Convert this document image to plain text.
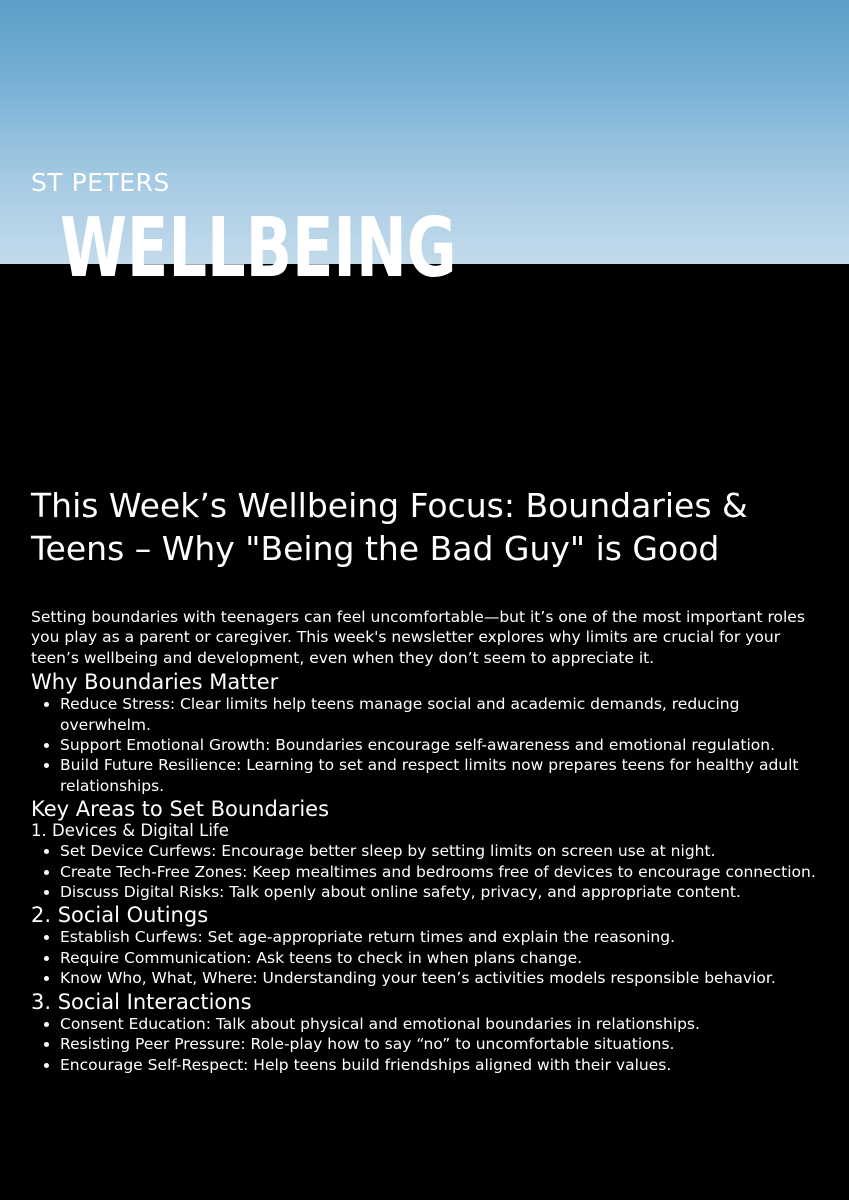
ST PETERS
WELLBEING
This Week’s Wellbeing Focus: Boundaries & Teens – Why "Being the Bad Guy" is Good

Setting boundaries with teenagers can feel uncomfortable—but it’s one of the most important roles you play as a parent or caregiver. This week's newsletter explores why limits are crucial for your teen’s wellbeing and development, even when they don’t seem to appreciate it.

Why Boundaries Matter
• Reduce Stress: Clear limits help teens manage social and academic demands, reducing overwhelm.
• Support Emotional Growth: Boundaries encourage self-awareness and emotional regulation.
• Build Future Resilience: Learning to set and respect limits now prepares teens for healthy adult relationships.
Key Areas to Set Boundaries
1. Devices & Digital Life
• Set Device Curfews: Encourage better sleep by setting limits on screen use at night.
• Create Tech-Free Zones: Keep mealtimes and bedrooms free of devices to encourage connection.
• Discuss Digital Risks: Talk openly about online safety, privacy, and appropriate content.
2. Social Outings
• Establish Curfews: Set age-appropriate return times and explain the reasoning.
• Require Communication: Ask teens to check in when plans change.
• Know Who, What, Where: Understanding your teen’s activities models responsible behavior.
3. Social Interactions
• Consent Education: Talk about physical and emotional boundaries in relationships.
• Resisting Peer Pressure: Role-play how to say “no” to uncomfortable situations.
• Encourage Self-Respect: Help teens build friendships aligned with their values.
